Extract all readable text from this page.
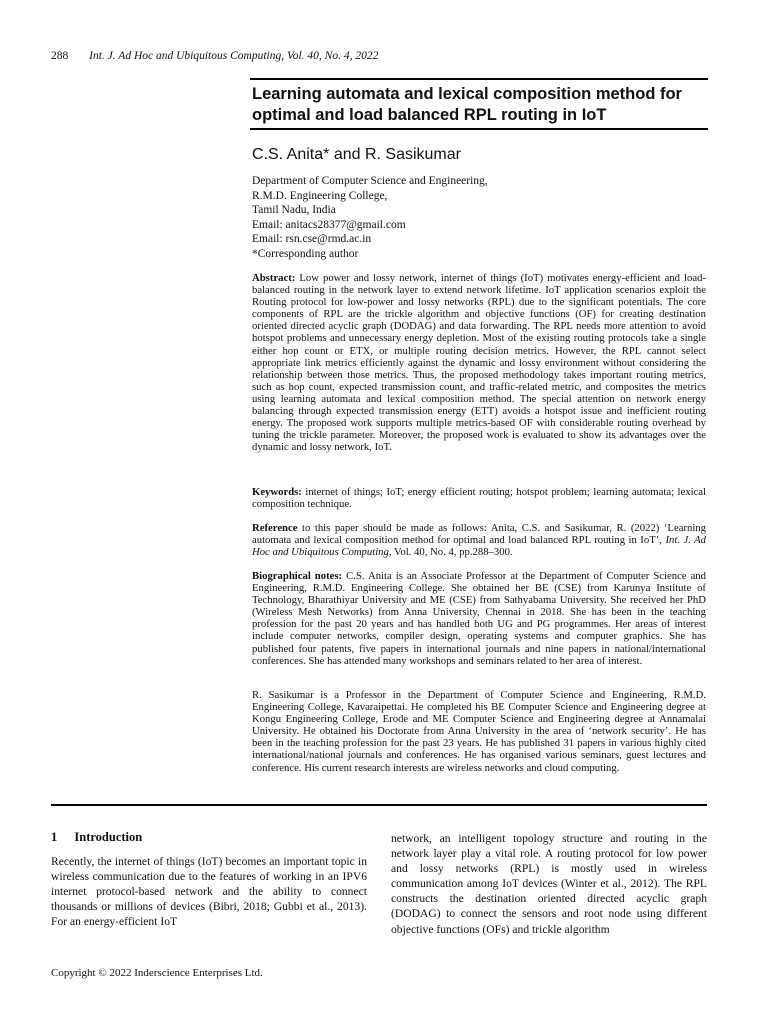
288 Int. J. Ad Hoc and Ubiquitous Computing, Vol. 40, No. 4, 2022
Learning automata and lexical composition method for optimal and load balanced RPL routing in IoT
C.S. Anita* and R. Sasikumar
Department of Computer Science and Engineering,
R.M.D. Engineering College,
Tamil Nadu, India
Email: anitacs28377@gmail.com
Email: rsn.cse@rmd.ac.in
*Corresponding author
Abstract: Low power and lossy network, internet of things (IoT) motivates energy-efficient and load-balanced routing in the network layer to extend network lifetime. IoT application scenarios exploit the Routing protocol for low-power and lossy networks (RPL) due to the significant potentials. The core components of RPL are the trickle algorithm and objective functions (OF) for creating destination oriented directed acyclic graph (DODAG) and data forwarding. The RPL needs more attention to avoid hotspot problems and unnecessary energy depletion. Most of the existing routing protocols take a single either hop count or ETX, or multiple routing decision metrics. However, the RPL cannot select appropriate link metrics efficiently against the dynamic and lossy environment without considering the relationship between those metrics. Thus, the proposed methodology takes important routing metrics, such as hop count, expected transmission count, and traffic-related metric, and composites the metrics using learning automata and lexical composition method. The special attention on network energy balancing through expected transmission energy (ETT) avoids a hotspot issue and inefficient routing energy. The proposed work supports multiple metrics-based OF with considerable routing overhead by tuning the trickle parameter. Moreover, the proposed work is evaluated to show its advantages over the dynamic and lossy network, IoT.
Keywords: internet of things; IoT; energy efficient routing; hotspot problem; learning automata; lexical composition technique.
Reference to this paper should be made as follows: Anita, C.S. and Sasikumar, R. (2022) ‘Learning automata and lexical composition method for optimal and load balanced RPL routing in IoT’, Int. J. Ad Hoc and Ubiquitous Computing, Vol. 40, No. 4, pp.288–300.
Biographical notes: C.S. Anita is an Associate Professor at the Department of Computer Science and Engineering, R.M.D. Engineering College. She obtained her BE (CSE) from Karunya Institute of Technology, Bharathiyar University and ME (CSE) from Sathyabama University. She received her PhD (Wireless Mesh Networks) from Anna University, Chennai in 2018. She has been in the teaching profession for the past 20 years and has handled both UG and PG programmes. Her areas of interest include computer networks, compiler design, operating systems and computer graphics. She has published four patents, five papers in international journals and nine papers in national/international conferences. She has attended many workshops and seminars related to her area of interest.
R. Sasikumar is a Professor in the Department of Computer Science and Engineering, R.M.D. Engineering College, Kavaraipettai. He completed his BE Computer Science and Engineering degree at Kongu Engineering College, Erode and ME Computer Science and Engineering degree at Annamalai University. He obtained his Doctorate from Anna University in the area of ‘network security’. He has been in the teaching profession for the past 23 years. He has published 31 papers in various highly cited international/national journals and conferences. He has organised various seminars, guest lectures and conference. His current research interests are wireless networks and cloud computing.
1 Introduction
Recently, the internet of things (IoT) becomes an important topic in wireless communication due to the features of working in an IPV6 internet protocol-based network and the ability to connect thousands or millions of devices (Bibri, 2018; Gubbi et al., 2013). For an energy-efficient IoT
network, an intelligent topology structure and routing in the network layer play a vital role. A routing protocol for low power and lossy networks (RPL) is mostly used in wireless communication among IoT devices (Winter et al., 2012). The RPL constructs the destination oriented directed acyclic graph (DODAG) to connect the sensors and root node using different objective functions (OFs) and trickle algorithm
Copyright © 2022 Inderscience Enterprises Ltd.
